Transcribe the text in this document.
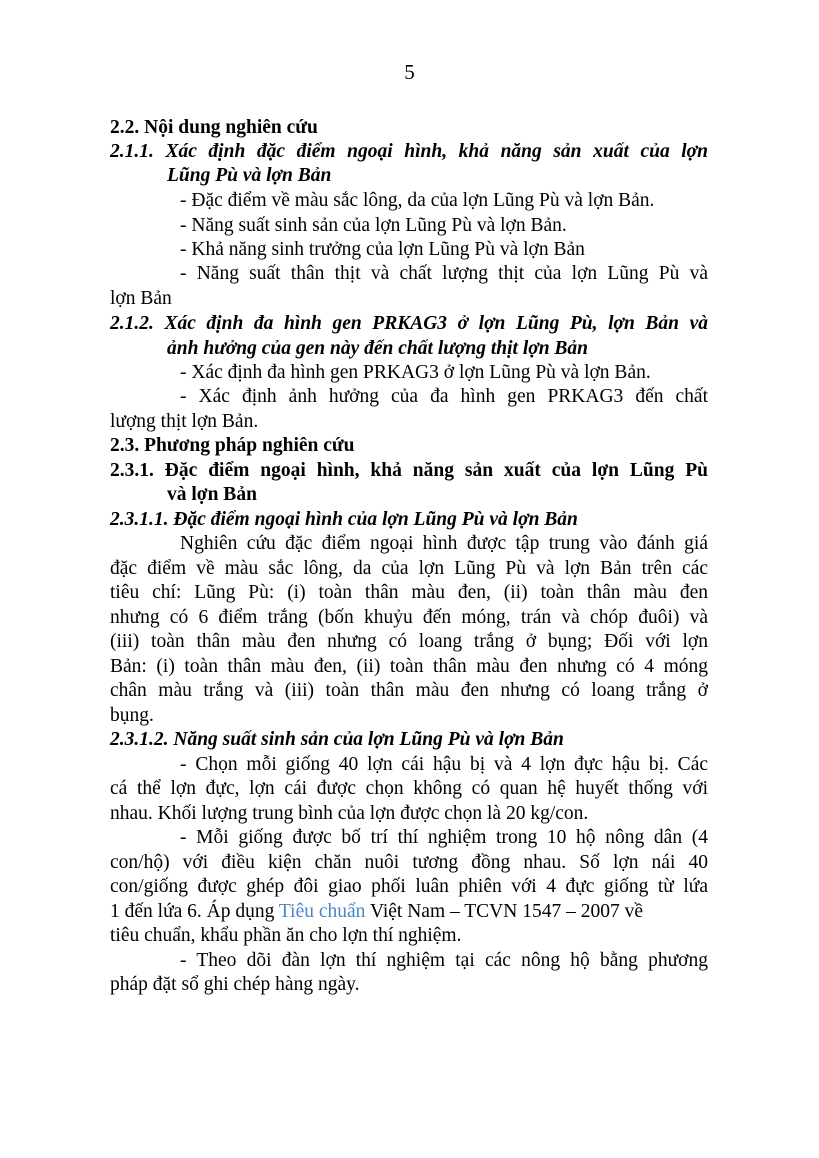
5
2.2. Nội dung nghiên cứu
2.1.1. Xác định đặc điểm ngoại hình, khả năng sản xuất của lợn
Lũng Pù và lợn Bản
- Đặc điểm về màu sắc lông, da của lợn Lũng Pù và lợn Bản.
- Năng suất sinh sản của lợn Lũng Pù và lợn Bản.
- Khả năng sinh trưởng của lợn Lũng Pù và lợn Bản
- Năng suất thân thịt và chất lượng thịt của lợn Lũng Pù và
lợn Bản
2.1.2. Xác định đa hình gen PRKAG3 ở lợn Lũng Pù, lợn Bản và
ảnh hưởng của gen này đến chất lượng thịt lợn Bản
- Xác định đa hình gen PRKAG3 ở lợn Lũng Pù và lợn Bản.
- Xác định ảnh hưởng của đa hình gen PRKAG3 đến chất
lượng thịt lợn Bản.
2.3. Phương pháp nghiên cứu
2.3.1. Đặc điểm ngoại hình, khả năng sản xuất của lợn Lũng Pù
và lợn Bản
2.3.1.1. Đặc điểm ngoại hình của lợn Lũng Pù và lợn Bản
Nghiên cứu đặc điểm ngoại hình được tập trung vào đánh giá
đặc điểm về màu sắc lông, da của lợn Lũng Pù và lợn Bản trên các
tiêu chí: Lũng Pù: (i) toàn thân màu đen, (ii) toàn thân màu đen
nhưng có 6 điểm trắng (bốn khuỷu đến móng, trán và chóp đuôi) và
(iii) toàn thân màu đen nhưng có loang trắng ở bụng; Đối với lợn
Bản: (i) toàn thân màu đen, (ii) toàn thân màu đen nhưng có 4 móng
chân màu trắng và (iii) toàn thân màu đen nhưng có loang trắng ở
bụng.
2.3.1.2. Năng suất sinh sản của lợn Lũng Pù và lợn Bản
- Chọn mỗi giống 40 lợn cái hậu bị và 4 lợn đực hậu bị. Các
cá thể lợn đực, lợn cái được chọn không có quan hệ huyết thống với
nhau. Khối lượng trung bình của lợn được chọn là 20 kg/con.
- Mỗi giống được bố trí thí nghiệm trong 10 hộ nông dân (4
con/hộ) với điều kiện chăn nuôi tương đồng nhau. Số lợn nái 40
con/giống được ghép đôi giao phối luân phiên với 4 đực giống từ lứa
1 đến lứa 6. Áp dụng Tiêu chuẩn Việt Nam – TCVN 1547 – 2007 về
tiêu chuẩn, khẩu phần ăn cho lợn thí nghiệm.
- Theo dõi đàn lợn thí nghiệm tại các nông hộ bằng phương
pháp đặt sổ ghi chép hàng ngày.
